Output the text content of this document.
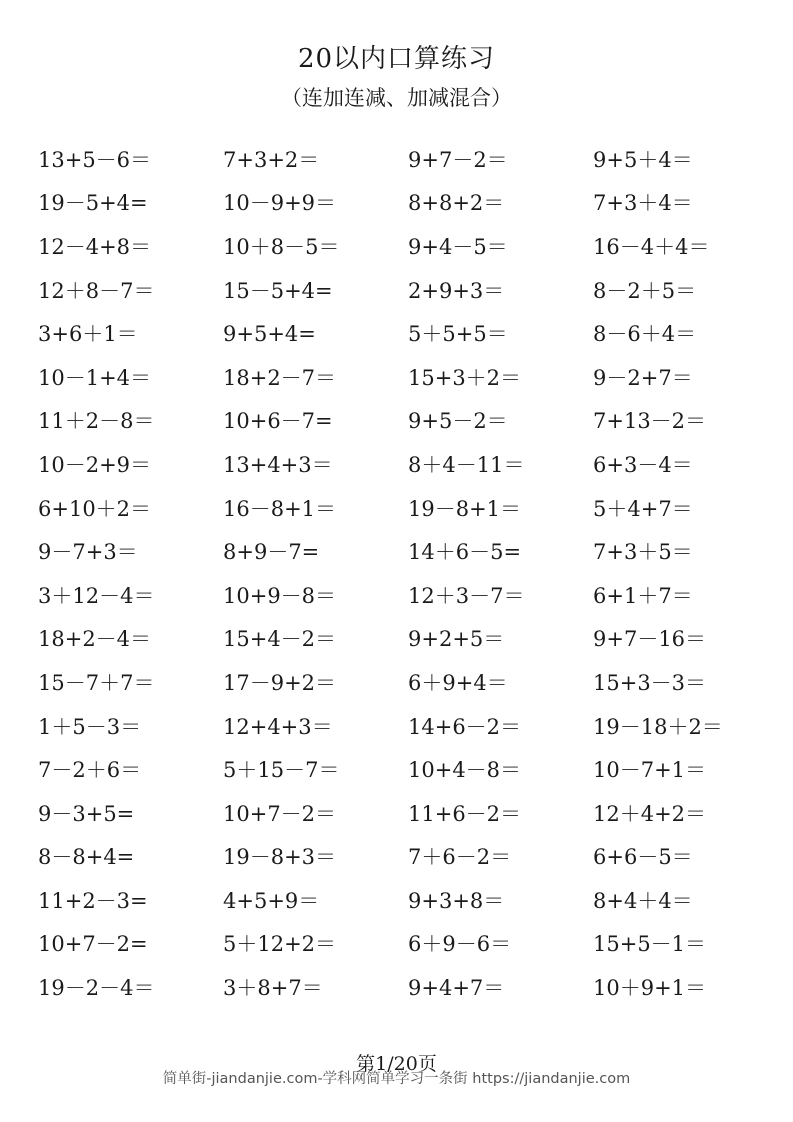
20以内口算练习
（连加连减、加减混合）
13+5－6＝	7+3+2＝	9+7－2＝	9+5＋4＝
19－5+4=	10－9+9＝	8+8+2＝	7+3＋4＝
12－4+8＝	10＋8－5＝	9+4－5＝	16－4＋4＝
12＋8－7＝	15－5+4=	2+9+3＝	8－2＋5＝
3+6＋1＝	9+5+4=	5＋5+5＝	8－6＋4＝
10－1+4＝	18+2－7＝	15+3＋2＝	9－2+7＝
11＋2－8＝	10+6－7=	9+5－2＝	7+13－2＝
10－2+9＝	13+4+3＝	8＋4－11＝	6+3－4＝
6+10＋2＝	16－8+1＝	19－8+1＝	5＋4+7＝
9－7+3＝	8+9－7=	14＋6－5=	7+3＋5＝
3＋12－4＝	10+9－8＝	12＋3－7＝	6+1＋7＝
18+2－4＝	15+4－2＝	9+2+5＝	9+7－16＝
15－7＋7＝	17－9+2＝	6＋9+4＝	15+3－3＝
1＋5－3＝	12+4+3＝	14+6－2＝	19－18＋2＝
7－2＋6＝	5＋15－7＝	10+4－8＝	10－7+1＝
9－3+5=	10+7－2＝	11+6－2＝	12＋4+2＝
8－8+4=	19－8+3＝	7＋6－2＝	6+6－5＝
11+2－3=	4+5+9＝	9+3+8＝	8+4＋4＝
10+7－2=	5＋12+2＝	6＋9－6＝	15+5－1＝
19－2－4＝	3＋8+7＝	9+4+7＝	10＋9+1＝
第1/20页
简单街-jiandanjie.com-学科网简单学习一条街 https://jiandanjie.com
